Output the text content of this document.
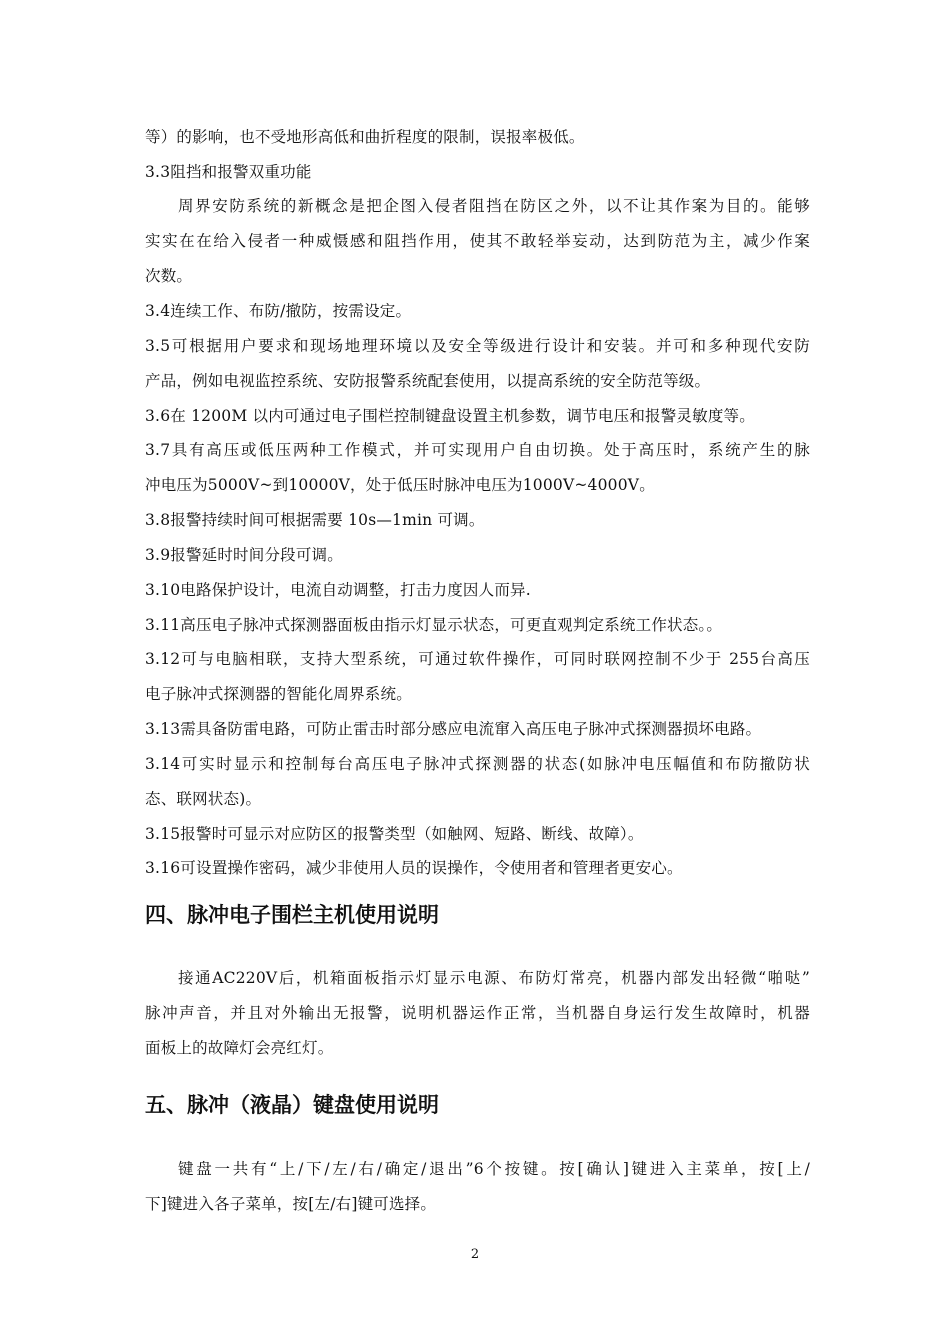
等）的影响，也不受地形高低和曲折程度的限制，误报率极低。

3.3阻挡和报警双重功能

周界安防系统的新概念是把企图入侵者阻挡在防区之外，以不让其作案为目的。能够

实实在在给入侵者一种威慑感和阻挡作用，使其不敢轻举妄动，达到防范为主，减少作案

次数。

3.4连续工作、布防/撤防，按需设定。

3.5可根据用户要求和现场地理环境以及安全等级进行设计和安装。并可和多种现代安防

产品，例如电视监控系统、安防报警系统配套使用，以提高系统的安全防范等级。

3.6在 1200M 以内可通过电子围栏控制键盘设置主机参数，调节电压和报警灵敏度等。

3.7具有高压或低压两种工作模式，并可实现用户自由切换。处于高压时，系统产生的脉

冲电压为5000V~到10000V，处于低压时脉冲电压为1000V~4000V。

3.8报警持续时间可根据需要 10s—1min 可调。

3.9报警延时时间分段可调。

3.10电路保护设计，电流自动调整，打击力度因人而异.

3.11高压电子脉冲式探测器面板由指示灯显示状态，可更直观判定系统工作状态。。

3.12可与电脑相联，支持大型系统，可通过软件操作，可同时联网控制不少于 255台高压

电子脉冲式探测器的智能化周界系统。

3.13需具备防雷电路，可防止雷击时部分感应电流窜入高压电子脉冲式探测器损坏电路。

3.14可实时显示和控制每台高压电子脉冲式探测器的状态(如脉冲电压幅值和布防撤防状

态、联网状态)。

3.15报警时可显示对应防区的报警类型（如触网、短路、断线、故障）。

3.16可设置操作密码，减少非使用人员的误操作，令使用者和管理者更安心。

四、脉冲电子围栏主机使用说明

接通AC220V后，机箱面板指示灯显示电源、布防灯常亮，机器内部发出轻微“啪哒”

脉冲声音，并且对外输出无报警，说明机器运作正常，当机器自身运行发生故障时，机器

面板上的故障灯会亮红灯。

五、脉冲（液晶）键盘使用说明

键盘一共有“上/下/左/右/确定/退出”6个按键。按[确认]键进入主菜单，按[上/

下]键进入各子菜单，按[左/右]键可选择。

2
